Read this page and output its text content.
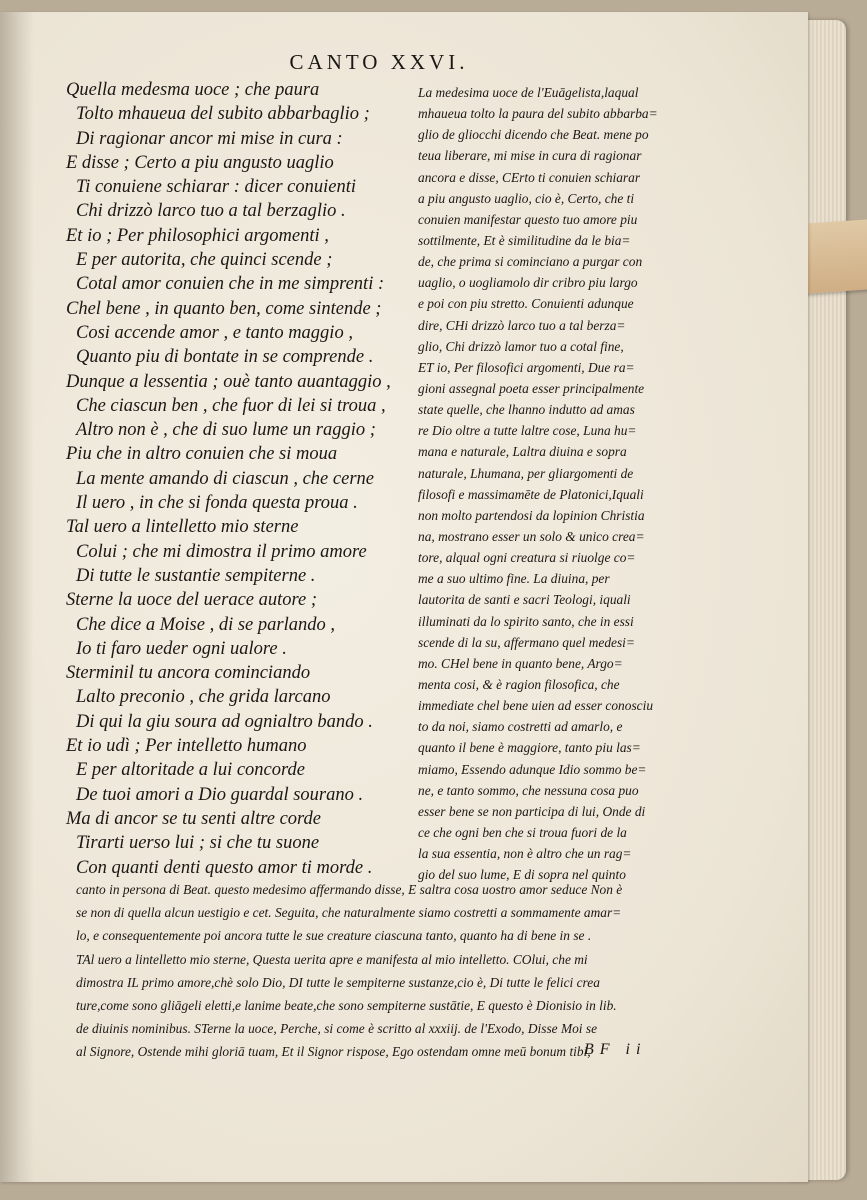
CANTO XXVI.
Quella medesma uoce ; che paura
Tolto mhaueua del subito abbarbaglio ;
Di ragionar ancor mi mise in cura :
E disse ; Certo a piu angusto uaglio
Ti conuiene schiarar : dicer conuienti
Chi drizzò larco tuo a tal berzaglio .
Et io ; Per philosophici argomenti ,
E per autorita, che quinci scende ;
Cotal amor conuien che in me simprenti :
Chel bene , in quanto ben, come sintende ;
Cosi accende amor , e tanto maggio ,
Quanto piu di bontate in se comprende .
Dunque a lessentia ; ouè tanto auantaggio ,
Che ciascun ben , che fuor di lei si troua ,
Altro non è , che di suo lume un raggio ;
Piu che in altro conuien che si moua
La mente amando di ciascun , che cerne
Il uero , in che si fonda questa proua .
Tal uero a lintelletto mio sterne
Colui ; che mi dimostra il primo amore
Di tutte le sustantie sempiterne .
Sterne la uoce del uerace autore ;
Che dice a Moise , di se parlando ,
Io ti faro ueder ogni ualore .
Sterminil tu ancora cominciando
Lalto preconio , che grida larcano
Di qui la giu soura ad ognialtro bando .
Et io udì ; Per intelletto humano
E per altoritade a lui concorde
De tuoi amori a Dio guardal sourano .
Ma di ancor se tu senti altre corde
Tirarti uerso lui ; si che tu suone
Con quanti denti questo amor ti morde .
La medesima uoce de l'Euāgelista,laqual
mhaueua tolto la paura del subito abbarba=
glio de gliocchi dicendo che Beat. mene po
teua liberare, mi mise in cura di ragionar
ancora e disse, CErto ti conuien schiarar
a piu angusto uaglio, cio è, Certo, che ti
conuien manifestar questo tuo amore piu
sottilmente, Et è similitudine da le bia=
de, che prima si cominciano a purgar con
uaglio, o uogliamolo dir cribro piu largo
e poi con piu stretto. Conuienti adunque
dire, CHi drizzò larco tuo a tal berza=
glio, Chi drizzò lamor tuo a cotal fine,
ET io, Per filosofici argomenti, Due ra=
gioni assegnal poeta esser principalmente
state quelle, che lhanno indutto ad amas
re Dio oltre a tutte laltre cose, Luna hu=
mana e naturale, Laltra diuina e sopra
naturale, Lhumana, per gliargomenti de
filosofi e massimamēte de Platonici,Iquali
non molto partendosi da lopinion Christia
na, mostrano esser un solo & unico crea=
tore, alqual ogni creatura si riuolge co=
me a suo ultimo fine. La diuina, per
lautorita de santi e sacri Teologi, iquali
illuminati da lo spirito santo, che in essi
scende di la su, affermano quel medesi=
mo. CHel bene in quanto bene, Argo=
menta cosi, & è ragion filosofica, che
immediate chel bene uien ad esser conosciu
to da noi, siamo costretti ad amarlo, e
quanto il bene è maggiore, tanto piu las=
miamo, Essendo adunque Idio sommo be=
ne, e tanto sommo, che nessuna cosa puo
esser bene se non participa di lui, Onde di
ce che ogni ben che si troua fuori de la
la sua essentia, non è altro che un rag=
gio del suo lume, E di sopra nel quinto
canto in persona di Beat. questo medesimo affermando disse, E saltra cosa uostro amor seduce Non è
se non di quella alcun uestigio e cet. Seguita, che naturalmente siamo costretti a sommamente amar=
lo, e consequentemente poi ancora tutte le sue creature ciascuna tanto, quanto ha di bene in se .
TAl uero a lintelletto mio sterne, Questa uerita apre e manifesta al mio intelletto. COlui, che mi
dimostra IL primo amore,chè solo Dio, DI tutte le sempiterne sustanze,cio è, Di tutte le felici crea
ture,come sono gliāgeli eletti,e lanime beate,che sono sempiterne sustātie, E questo è Dionisio in lib.
de diuinis nominibus. STerne la uoce, Perche, si come è scritto al xxxiij. de l'Exodo, Disse Moi se
al Signore, Ostende mihi gloriā tuam, Et il Signor rispose, Ego ostendam omne meū bonum tibi,
BF ii
